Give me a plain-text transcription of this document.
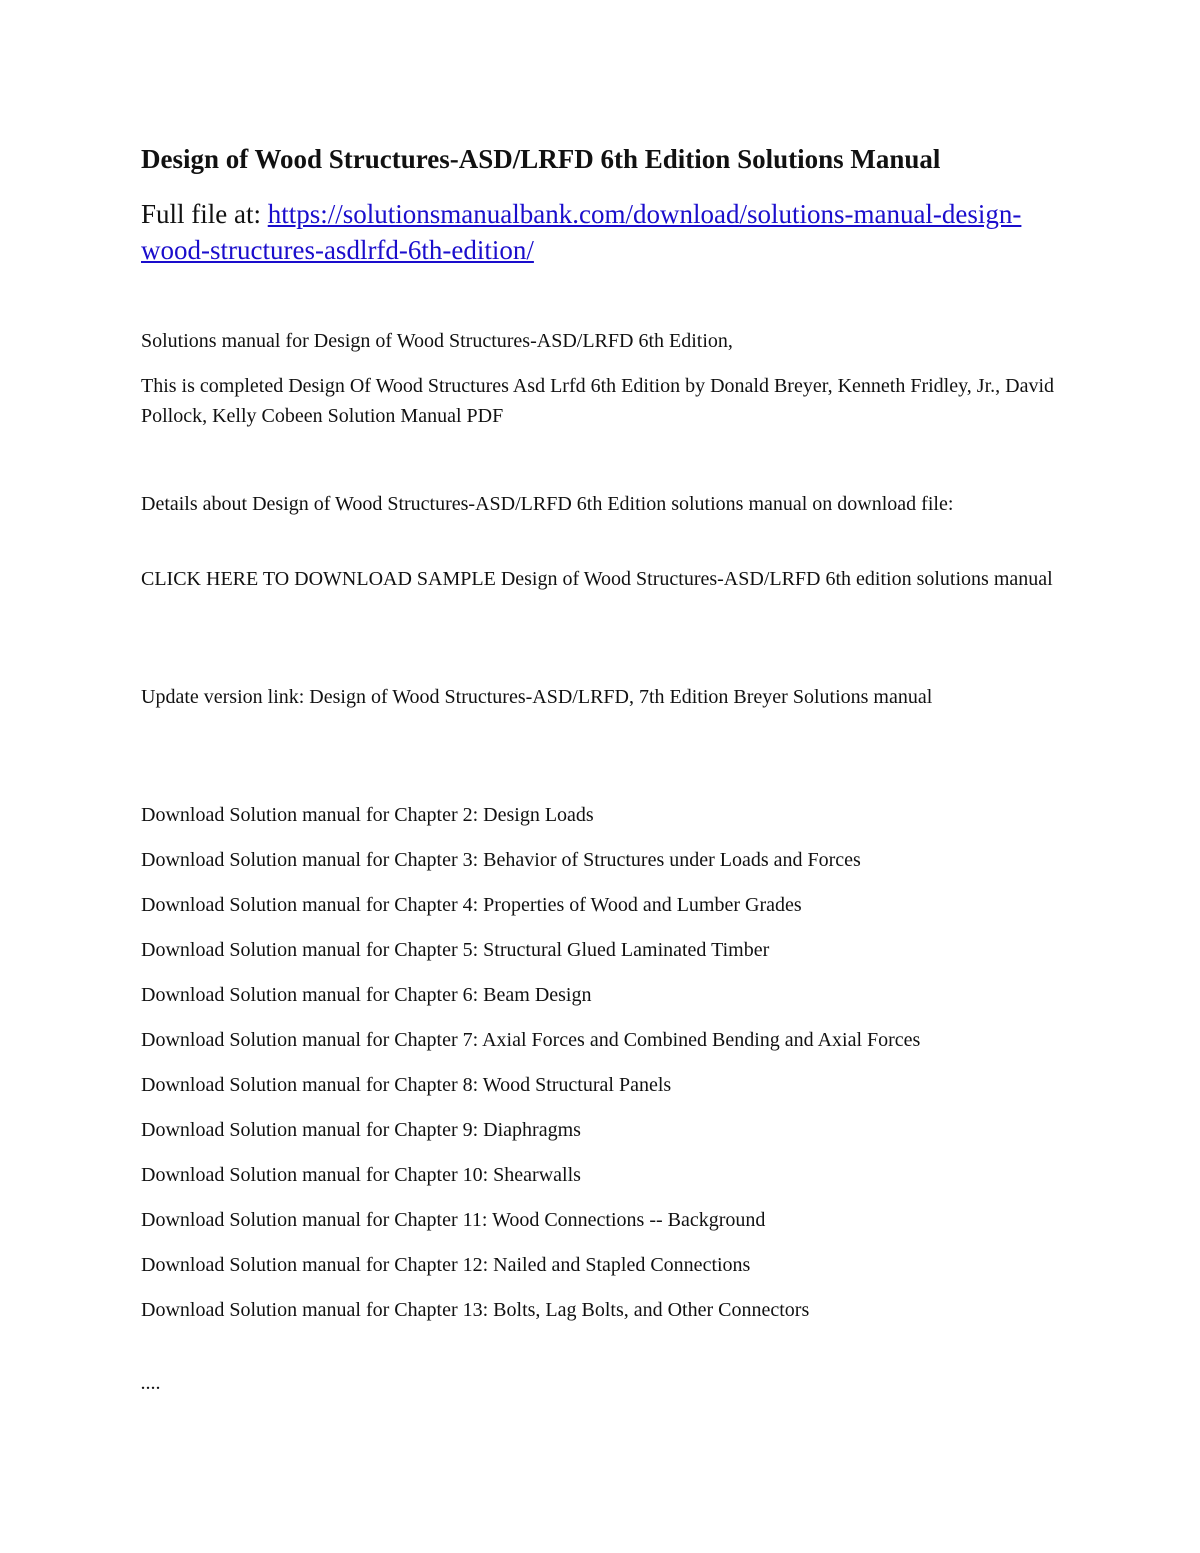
Design of Wood Structures-ASD/LRFD 6th Edition Solutions Manual

Full file at: https://solutionsmanualbank.com/download/solutions-manual-design-wood-structures-asdlrfd-6th-edition/

Solutions manual for Design of Wood Structures-ASD/LRFD 6th Edition,

This is completed Design Of Wood Structures Asd Lrfd 6th Edition by Donald Breyer, Kenneth Fridley, Jr., David Pollock, Kelly Cobeen Solution Manual PDF

Details about Design of Wood Structures-ASD/LRFD 6th Edition solutions manual on download file:

CLICK HERE TO DOWNLOAD SAMPLE Design of Wood Structures-ASD/LRFD 6th edition solutions manual

Update version link: Design of Wood Structures-ASD/LRFD, 7th Edition Breyer Solutions manual

Download Solution manual for Chapter 2: Design Loads
Download Solution manual for Chapter 3: Behavior of Structures under Loads and Forces
Download Solution manual for Chapter 4: Properties of Wood and Lumber Grades
Download Solution manual for Chapter 5: Structural Glued Laminated Timber
Download Solution manual for Chapter 6: Beam Design
Download Solution manual for Chapter 7: Axial Forces and Combined Bending and Axial Forces
Download Solution manual for Chapter 8: Wood Structural Panels
Download Solution manual for Chapter 9: Diaphragms
Download Solution manual for Chapter 10: Shearwalls
Download Solution manual for Chapter 11: Wood Connections -- Background
Download Solution manual for Chapter 12: Nailed and Stapled Connections
Download Solution manual for Chapter 13: Bolts, Lag Bolts, and Other Connectors

....
